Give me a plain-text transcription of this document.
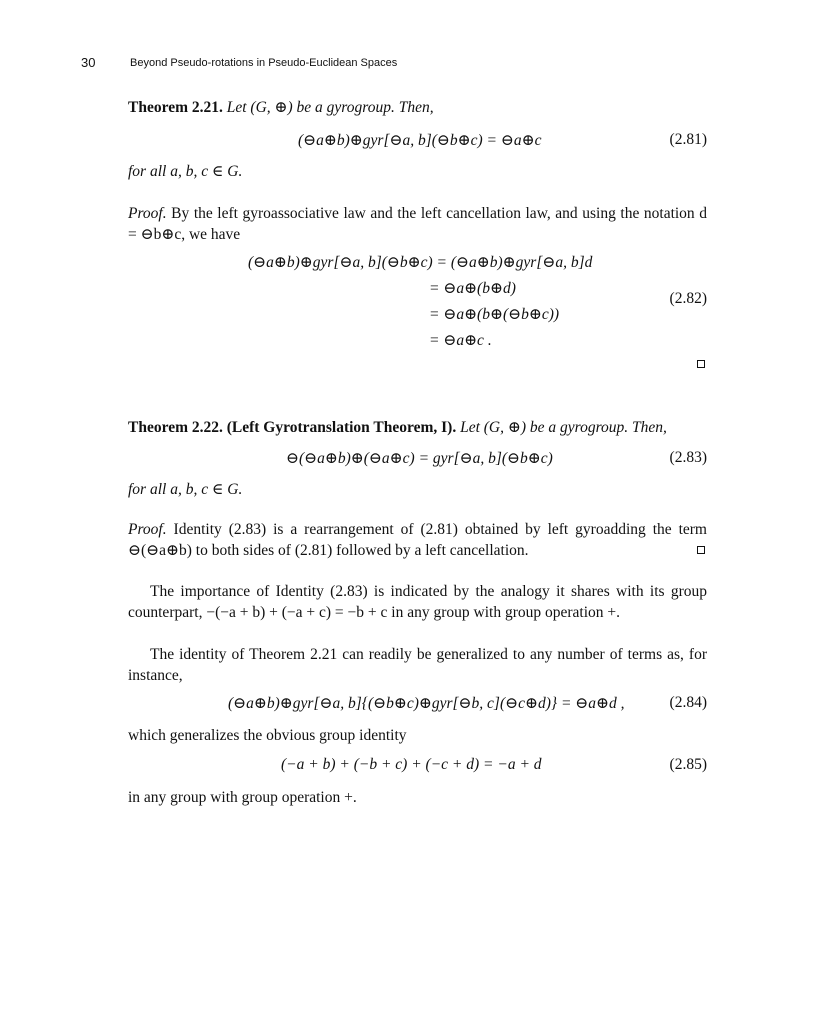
30	Beyond Pseudo-rotations in Pseudo-Euclidean Spaces
Theorem 2.21. Let (G, ⊕) be a gyrogroup. Then,
(⊖a⊕b)⊕gyr[⊖a, b](⊖b⊕c) = ⊖a⊕c	(2.81)
for all a, b, c ∈ G.
Proof. By the left gyroassociative law and the left cancellation law, and using the notation d = ⊖b⊕c, we have
(⊖a⊕b)⊕gyr[⊖a, b](⊖b⊕c) = (⊖a⊕b)⊕gyr[⊖a, b]d
= ⊖a⊕(b⊕d)
= ⊖a⊕(b⊕(⊖b⊕c))
= ⊖a⊕c .
(2.82)
Theorem 2.22. (Left Gyrotranslation Theorem, I). Let (G, ⊕) be a gyrogroup. Then,
⊖(⊖a⊕b)⊕(⊖a⊕c) = gyr[⊖a, b](⊖b⊕c)	(2.83)
for all a, b, c ∈ G.
Proof. Identity (2.83) is a rearrangement of (2.81) obtained by left gyroadding the term ⊖(⊖a⊕b) to both sides of (2.81) followed by a left cancellation.
The importance of Identity (2.83) is indicated by the analogy it shares with its group counterpart, −(−a + b) + (−a + c) = −b + c in any group with group operation +.
The identity of Theorem 2.21 can readily be generalized to any number of terms as, for instance,
(⊖a⊕b)⊕gyr[⊖a, b]{(⊖b⊕c)⊕gyr[⊖b, c](⊖c⊕d)} = ⊖a⊕d ,	(2.84)
which generalizes the obvious group identity
(−a + b) + (−b + c) + (−c + d) = −a + d	(2.85)
in any group with group operation +.
